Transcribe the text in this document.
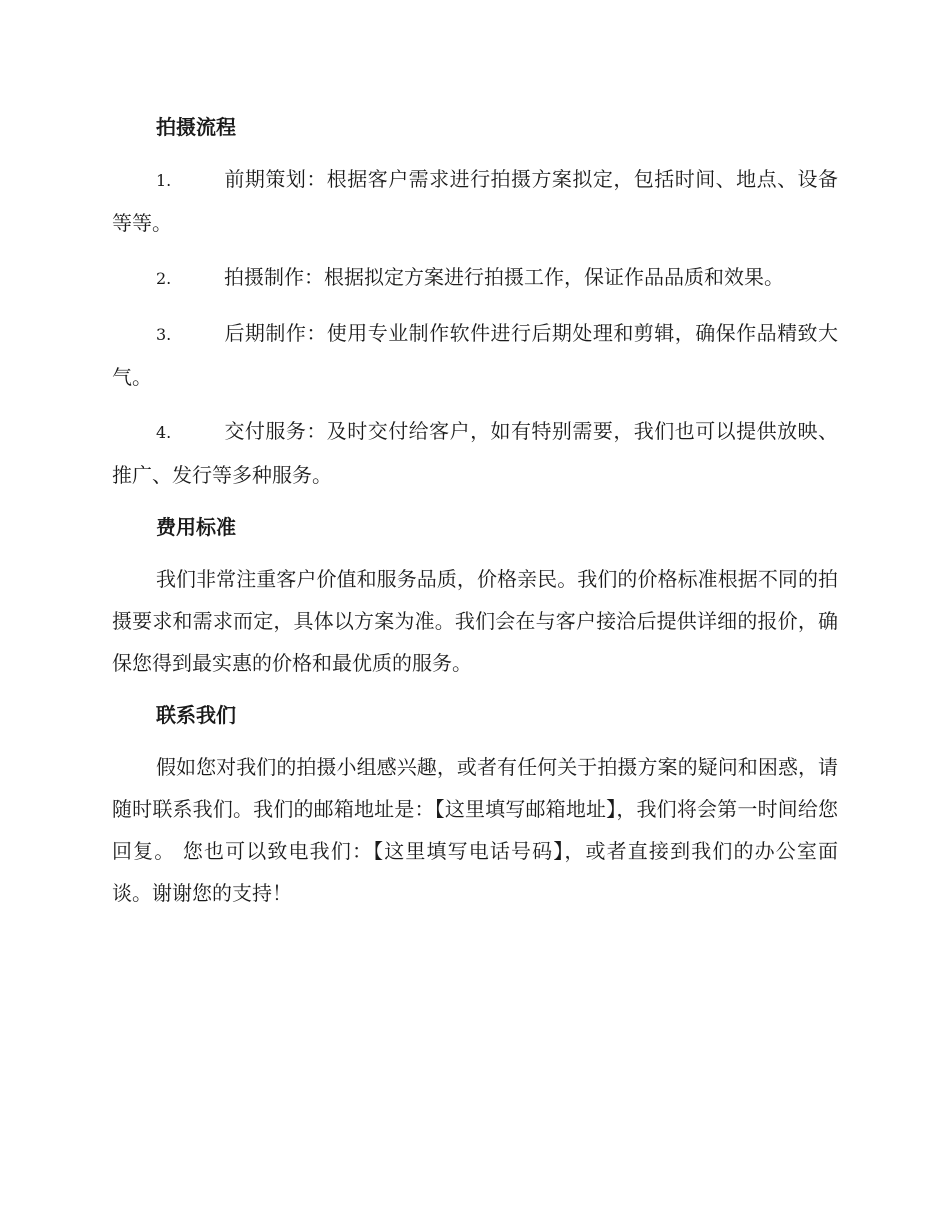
拍摄流程
1.	前期策划：根据客户需求进行拍摄方案拟定，包括时间、地点、设备等等。
2.	拍摄制作：根据拟定方案进行拍摄工作，保证作品品质和效果。
3.	后期制作：使用专业制作软件进行后期处理和剪辑，确保作品精致大气。
4.	交付服务：及时交付给客户，如有特别需要，我们也可以提供放映、推广、发行等多种服务。
费用标准
我们非常注重客户价值和服务品质，价格亲民。我们的价格标准根据不同的拍摄要求和需求而定，具体以方案为准。我们会在与客户接洽后提供详细的报价，确保您得到最实惠的价格和最优质的服务。
联系我们
假如您对我们的拍摄小组感兴趣，或者有任何关于拍摄方案的疑问和困惑，请随时联系我们。我们的邮箱地址是：【这里填写邮箱地址】，我们将会第一时间给您回复。 您也可以致电我们：【这里填写电话号码】，或者直接到我们的办公室面谈。谢谢您的支持！
